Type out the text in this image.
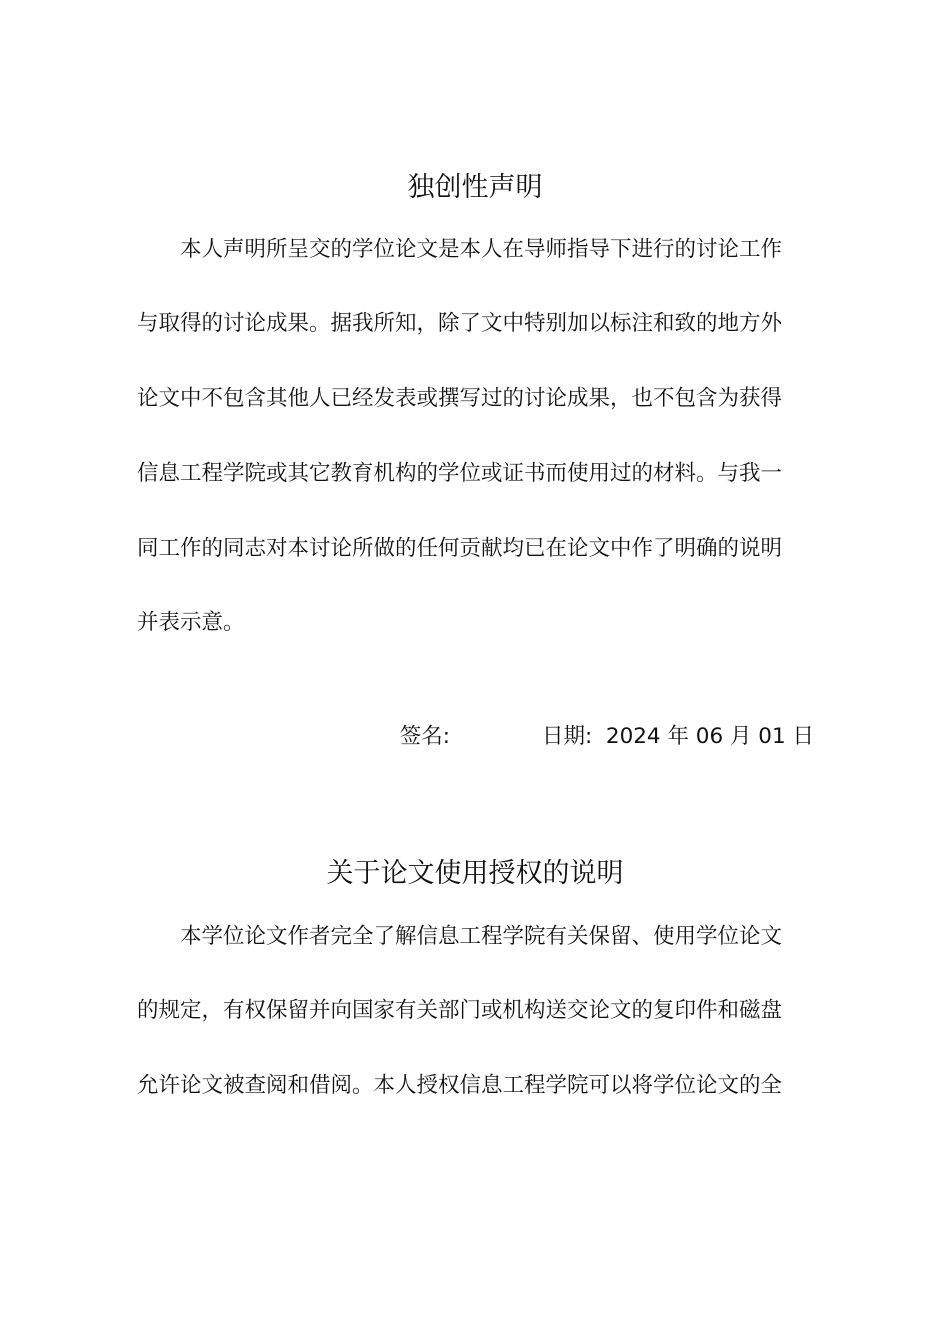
独创性声明
本人声明所呈交的学位论文是本人在导师指导下进行的讨论工作
与取得的讨论成果。据我所知，除了文中特别加以标注和致的地方外
论文中不包含其他人已经发表或撰写过的讨论成果，也不包含为获得
信息工程学院或其它教育机构的学位或证书而使用过的材料。与我一
同工作的同志对本讨论所做的任何贡献均已在论文中作了明确的说明
并表示意。
签名:	日期: 2024 年 06 月 01 日
关于论文使用授权的说明
本学位论文作者完全了解信息工程学院有关保留、使用学位论文
的规定，有权保留并向国家有关部门或机构送交论文的复印件和磁盘
允许论文被查阅和借阅。本人授权信息工程学院可以将学位论文的全
